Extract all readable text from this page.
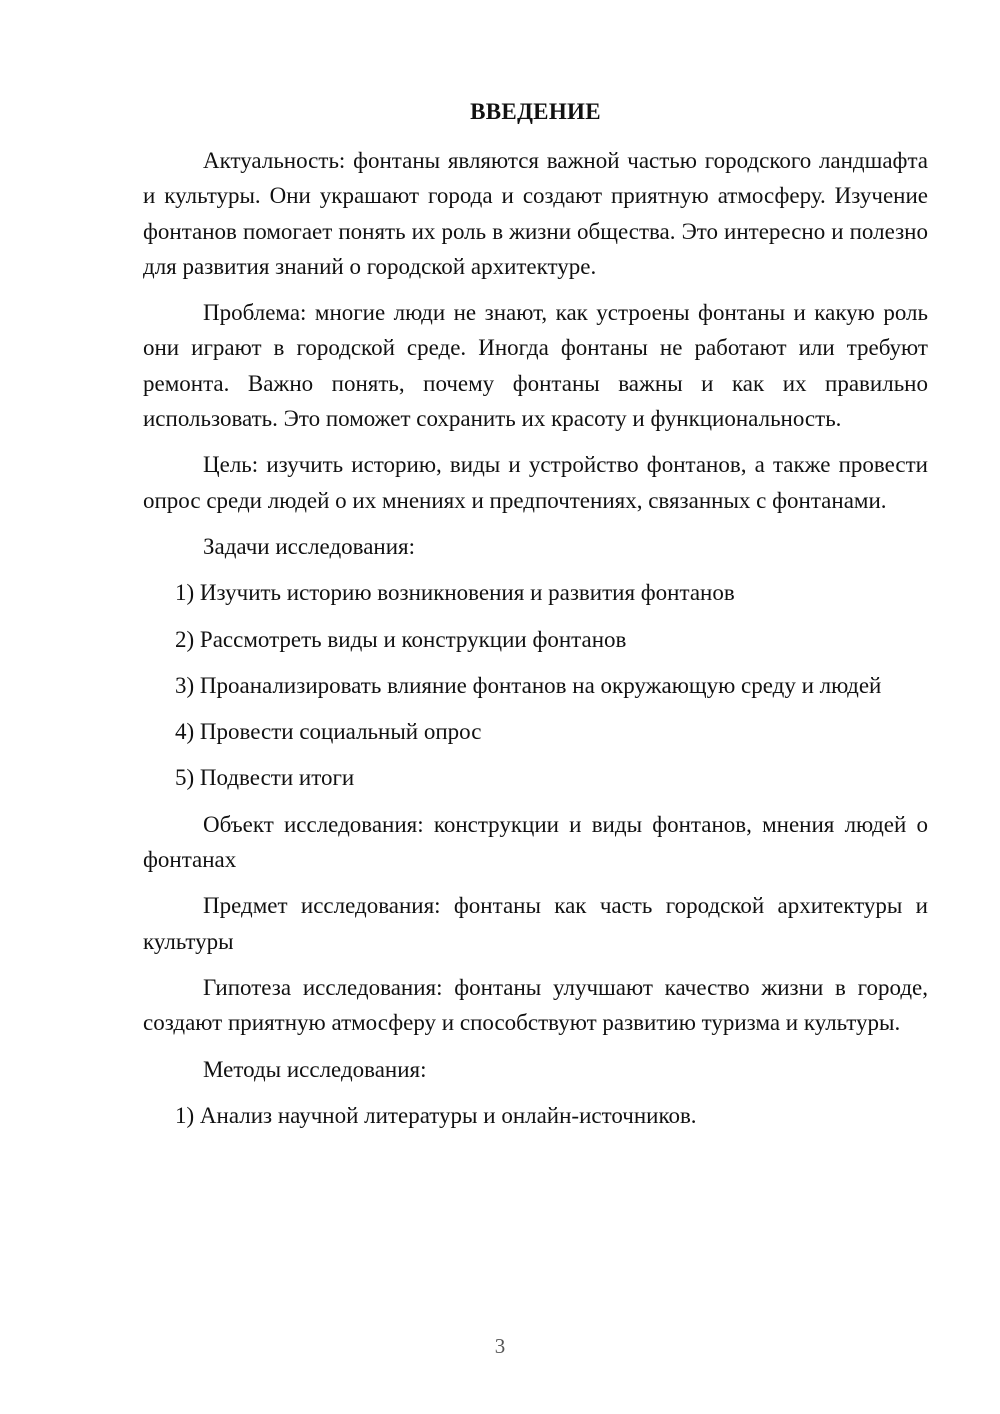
ВВЕДЕНИЕ

Актуальность: фонтаны являются важной частью городского ландшафта и культуры. Они украшают города и создают приятную атмосферу. Изучение фонтанов помогает понять их роль в жизни общества. Это интересно и полезно для развития знаний о городской архитектуре.

Проблема: многие люди не знают, как устроены фонтаны и какую роль они играют в городской среде. Иногда фонтаны не работают или требуют ремонта. Важно понять, почему фонтаны важны и как их правильно использовать. Это поможет сохранить их красоту и функциональность.

Цель: изучить историю, виды и устройство фонтанов, а также провести опрос среди людей о их мнениях и предпочтениях, связанных с фонтанами.

Задачи исследования:

1) Изучить историю возникновения и развития фонтанов

2) Рассмотреть виды и конструкции фонтанов

3) Проанализировать влияние фонтанов на окружающую среду и людей

4) Провести социальный опрос

5) Подвести итоги

Объект исследования: конструкции и виды фонтанов, мнения людей о фонтанах

Предмет исследования: фонтаны как часть городской архитектуры и культуры

Гипотеза исследования: фонтаны улучшают качество жизни в городе, создают приятную атмосферу и способствуют развитию туризма и культуры.

Методы исследования:

1) Анализ научной литературы и онлайн-источников.

3
